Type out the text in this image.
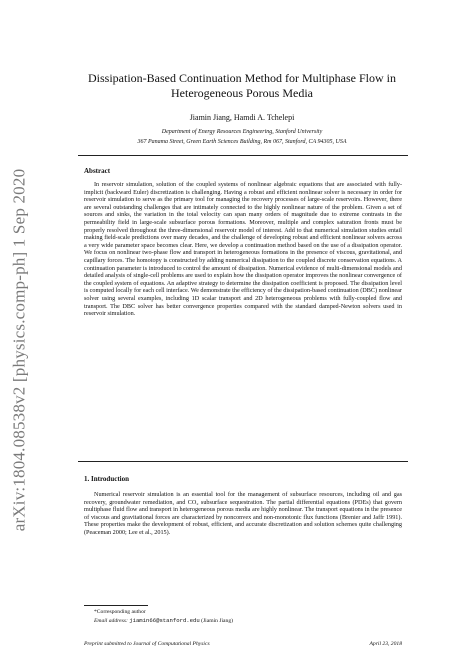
arXiv:1804.08538v2 [physics.comp-ph] 1 Sep 2020
Dissipation-Based Continuation Method for Multiphase Flow in Heterogeneous Porous Media

Jiamin Jiang, Hamdi A. Tchelepi

Department of Energy Resources Engineering, Stanford University
367 Panama Street, Green Earth Sciences Building, Rm 067, Stanford, CA 94305, USA
Abstract

In reservoir simulation, solution of the coupled systems of nonlinear algebraic equations that are associated with fully-implicit (backward Euler) discretization is challenging. Having a robust and efficient nonlinear solver is necessary in order for reservoir simulation to serve as the primary tool for managing the recovery processes of large-scale reservoirs. However, there are several outstanding challenges that are intimately connected to the highly nonlinear nature of the problem. Given a set of sources and sinks, the variation in the total velocity can span many orders of magnitude due to extreme contrasts in the permeability field in large-scale subsurface porous formations. Moreover, multiple and complex saturation fronts must be properly resolved throughout the three-dimensional reservoir model of interest. Add to that numerical simulation studies entail making field-scale predictions over many decades, and the challenge of developing robust and efficient nonlinear solvers across a very wide parameter space becomes clear. Here, we develop a continuation method based on the use of a dissipation operator. We focus on nonlinear two-phase flow and transport in heterogeneous formations in the presence of viscous, gravitational, and capillary forces. The homotopy is constructed by adding numerical dissipation to the coupled discrete conservation equations. A continuation parameter is introduced to control the amount of dissipation. Numerical evidence of multi-dimensional models and detailed analysis of single-cell problems are used to explain how the dissipation operator improves the nonlinear convergence of the coupled system of equations. An adaptive strategy to determine the dissipation coefficient is proposed. The dissipation level is computed locally for each cell interface. We demonstrate the efficiency of the dissipation-based continuation (DBC) nonlinear solver using several examples, including 1D scalar transport and 2D heterogeneous problems with fully-coupled flow and transport. The DBC solver has better convergence properties compared with the standard damped-Newton solvers used in reservoir simulation.

1. Introduction

Numerical reservoir simulation is an essential tool for the management of subsurface resources, including oil and gas recovery, groundwater remediation, and CO₂ subsurface sequestration. The partial differential equations (PDEs) that govern multiphase fluid flow and transport in heterogeneous porous media are highly nonlinear. The transport equations in the presence of viscous and gravitational forces are characterized by nonconvex and non-monotonic flux functions (Brenier and Jaffr 1991). These properties make the development of robust, efficient, and accurate discretization and solution schemes quite challenging (Peaceman 2000; Lee et al., 2015).

*Corresponding author

Email address: jiamin66@stanford.edu (Jiamin Jiang)

Preprint submitted to Journal of Computational Physics	April 23, 2018
